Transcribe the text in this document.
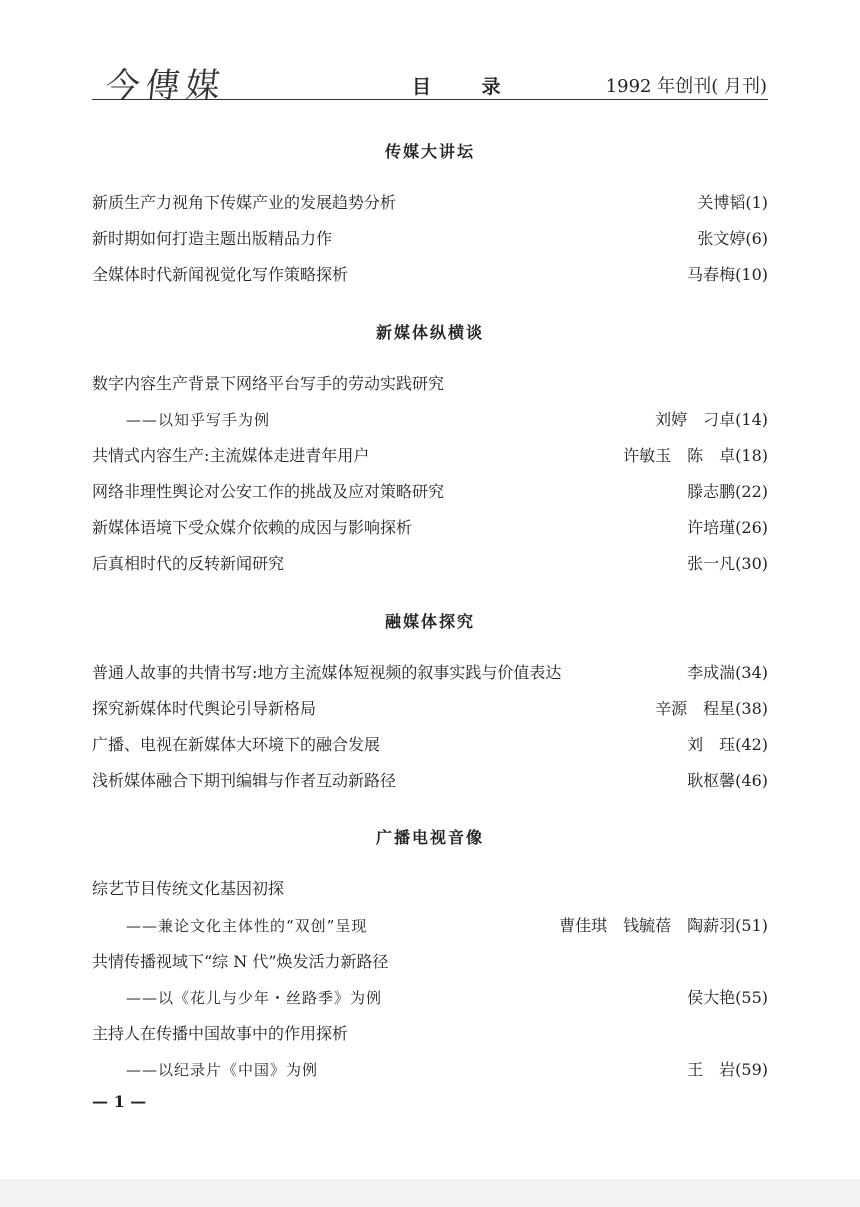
今傳媒	目 录	1992 年创刊( 月刊)
传媒大讲坛
新质生产力视角下传媒产业的发展趋势分析	关博韬(1)
新时期如何打造主题出版精品力作	张文婷(6)
全媒体时代新闻视觉化写作策略探析	马春梅(10)
新媒体纵横谈
数字内容生产背景下网络平台写手的劳动实践研究
——以知乎写手为例	刘婷　刁卓(14)
共情式内容生产:主流媒体走进青年用户	许敏玉　陈　卓(18)
网络非理性舆论对公安工作的挑战及应对策略研究	滕志鹏(22)
新媒体语境下受众媒介依赖的成因与影响探析	许培瑾(26)
后真相时代的反转新闻研究	张一凡(30)
融媒体探究
普通人故事的共情书写:地方主流媒体短视频的叙事实践与价值表达	李成湍(34)
探究新媒体时代舆论引导新格局	辛源　程星(38)
广播、电视在新媒体大环境下的融合发展	刘　珏(42)
浅析媒体融合下期刊编辑与作者互动新路径	耿枢馨(46)
广播电视音像
综艺节目传统文化基因初探
——兼论文化主体性的“双创”呈现	曹佳琪　钱毓蓓　陶薪羽(51)
共情传播视域下“综 N 代”焕发活力新路径
——以《花儿与少年・丝路季》为例	侯大艳(55)
主持人在传播中国故事中的作用探析
——以纪录片《中国》为例	王　岩(59)
— 1 —
